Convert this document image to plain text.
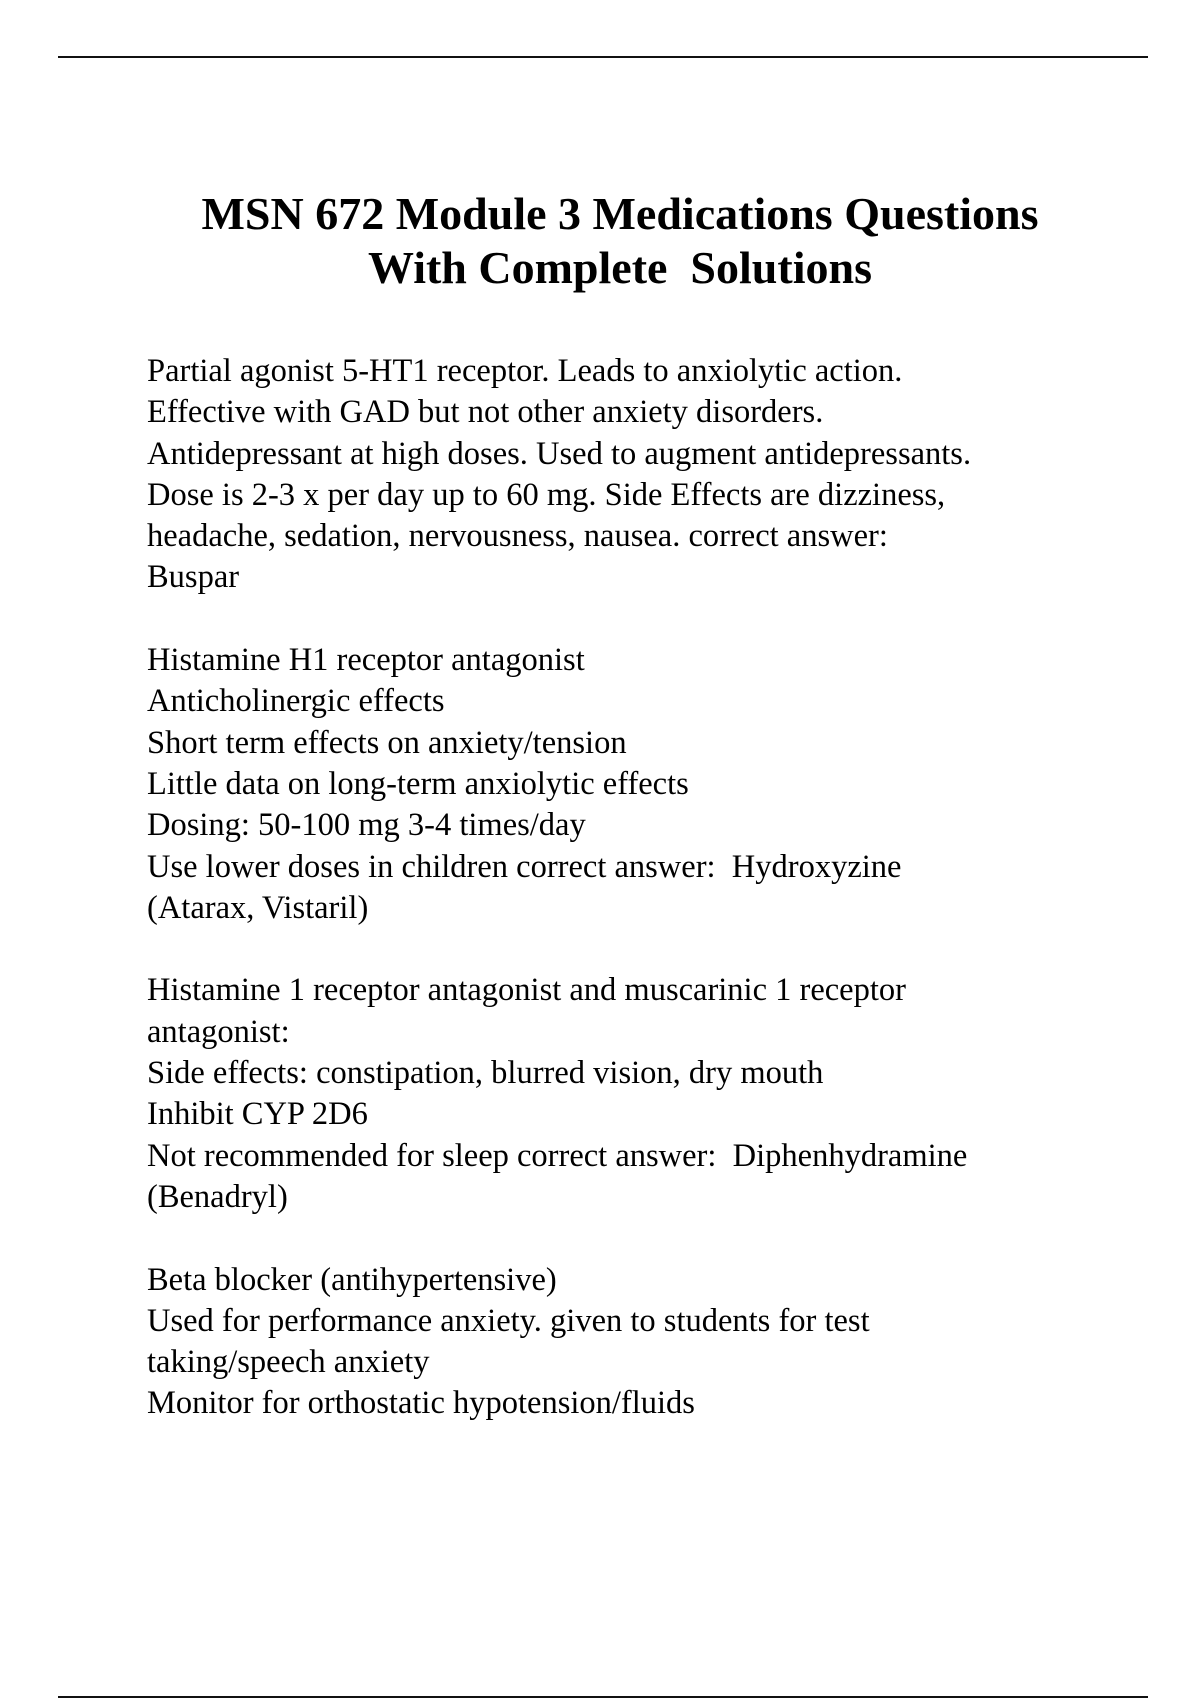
MSN 672 Module 3 Medications Questions
With Complete  Solutions
Partial agonist 5-HT1 receptor. Leads to anxiolytic action.
Effective with GAD but not other anxiety disorders.
Antidepressant at high doses. Used to augment antidepressants.
Dose is 2-3 x per day up to 60 mg. Side Effects are dizziness,
headache, sedation, nervousness, nausea. correct answer:
Buspar
Histamine H1 receptor antagonist
Anticholinergic effects
Short term effects on anxiety/tension
Little data on long-term anxiolytic effects
Dosing: 50-100 mg 3-4 times/day
Use lower doses in children correct answer:  Hydroxyzine
(Atarax, Vistaril)
Histamine 1 receptor antagonist and muscarinic 1 receptor
antagonist:
Side effects: constipation, blurred vision, dry mouth
Inhibit CYP 2D6
Not recommended for sleep correct answer:  Diphenhydramine
(Benadryl)
Beta blocker (antihypertensive)
Used for performance anxiety. given to students for test
taking/speech anxiety
Monitor for orthostatic hypotension/fluids
